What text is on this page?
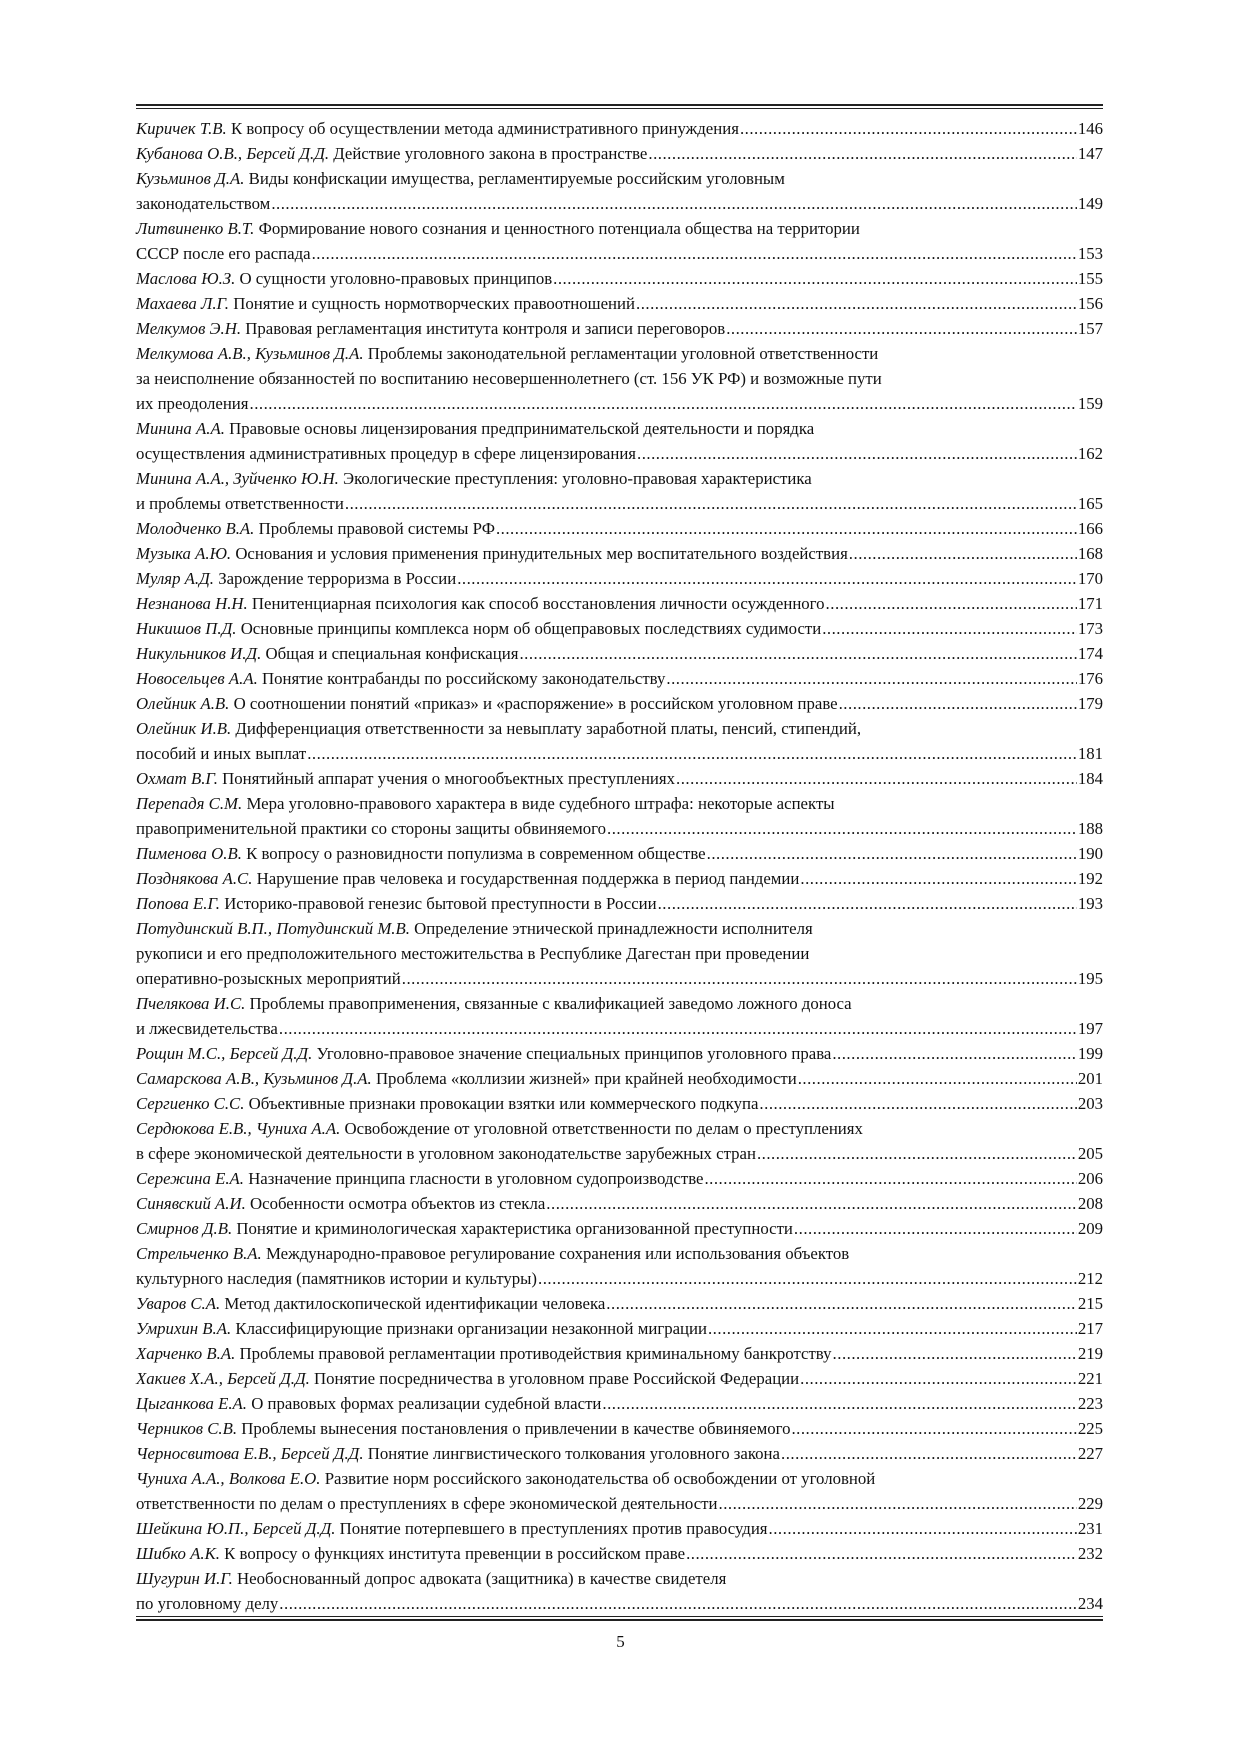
Киричек Т.В.
К вопросу об осуществлении метода административного принуждения .....	146
Кубанова О.В., Берсей Д.Д.
Действие уголовного закона в пространстве .....	147
Кузьминов Д.А.
Виды конфискации имущества, регламентируемые российским уголовным
законодательством .....	149
Литвиненко В.Т.
Формирование нового сознания и ценностного потенциала общества на территории
СССР после его распада .....	153
Маслова Ю.З.
О сущности уголовно-правовых принципов .....	155
Махаева Л.Г.
Понятие и сущность нормотворческих правоотношений .....	156
Мелкумов Э.Н.
Правовая регламентация института контроля и записи переговоров .....	157
Мелкумова А.В., Кузьминов Д.А.
Проблемы законодательной регламентации уголовной ответственности
за неисполнение обязанностей по воспитанию несовершеннолетнего (ст. 156 УК РФ) и возможные пути
их преодоления .....	159
Минина А.А.
Правовые основы лицензирования предпринимательской деятельности и порядка
осуществления административных процедур в сфере лицензирования .....	162
Минина А.А., Зуйченко Ю.Н.
Экологические преступления: уголовно-правовая характеристика
и проблемы ответственности .....	165
Молодченко В.А.
Проблемы правовой системы РФ .....	166
Музыка А.Ю.
Основания и условия применения принудительных мер воспитательного воздействия .....	168
Муляр А.Д.
Зарождение терроризма в России .....	170
Незнанова Н.Н.
Пенитенциарная психология как способ восстановления личности осужденного .....	171
Никишов П.Д.
Основные принципы комплекса норм об общеправовых последствиях судимости .....	173
Никульников И.Д.
Общая и специальная конфискация .....	174
Новосельцев А.А.
Понятие контрабанды по российскому законодательству .....	176
Олейник А.В.
О соотношении понятий «приказ» и «распоряжение» в российском уголовном праве .....	179
Олейник И.В.
Дифференциация ответственности за невыплату заработной платы, пенсий, стипендий,
пособий и иных выплат .....	181
Охмат В.Г.
Понятийный аппарат учения о многообъектных преступлениях .....	184
Перепадя С.М.
Мера уголовно-правового характера в виде судебного штрафа: некоторые аспекты
правоприменительной практики со стороны защиты обвиняемого .....	188
Пименова О.В.
К вопросу о разновидности популизма в современном обществе .....	190
Позднякова А.С.
Нарушение прав человека и государственная поддержка в период пандемии .....	192
Попова Е.Г.
Историко-правовой генезис бытовой преступности в России .....	193
Потудинский В.П., Потудинский М.В.
Определение этнической принадлежности исполнителя
рукописи и его предположительного местожительства в Республике Дагестан при проведении
оперативно-розыскных мероприятий .....	195
Пчелякова И.С.
Проблемы правоприменения, связанные с квалификацией заведомо ложного доноса
и лжесвидетельства .....	197
Рощин М.С., Берсей Д.Д.
Уголовно-правовое значение специальных принципов уголовного права .....	199
Самарскова А.В., Кузьминов Д.А.
Проблема «коллизии жизней» при крайней необходимости .....	201
Сергиенко С.С.
Объективные признаки провокации взятки или коммерческого подкупа .....	203
Сердюкова Е.В., Чуниха А.А.
Освобождение от уголовной ответственности по делам о преступлениях
в сфере экономической деятельности в уголовном законодательстве зарубежных стран .....	205
Сережина Е.А.
Назначение принципа гласности в уголовном судопроизводстве .....	206
Синявский А.И.
Особенности осмотра объектов из стекла .....	208
Смирнов Д.В.
Понятие и криминологическая характеристика организованной преступности .....	209
Стрельченко В.А.
Международно-правовое регулирование сохранения или использования объектов
культурного наследия (памятников истории и культуры) .....	212
Уваров С.А.
Метод дактилоскопической идентификации человека .....	215
Умрихин В.А.
Классифицирующие признаки организации незаконной миграции .....	217
Харченко В.А.
Проблемы правовой регламентации противодействия криминальному банкротству .....	219
Хакиев Х.А., Берсей Д.Д.
Понятие посредничества в уголовном праве Российской Федерации .....	221
Цыганкова Е.А.
О правовых формах реализации судебной власти .....	223
Черников С.В.
Проблемы вынесения постановления о привлечении в качестве обвиняемого .....	225
Черносвитова Е.В., Берсей Д.Д.
Понятие лингвистического толкования уголовного закона .....	227
Чуниха А.А., Волкова Е.О.
Развитие норм российского законодательства об освобождении от уголовной
ответственности по делам о преступлениях в сфере экономической деятельности .....	229
Шейкина Ю.П., Берсей Д.Д.
Понятие потерпевшего в преступлениях против правосудия .....	231
Шибко А.К.
К вопросу о функциях института превенции в российском праве .....	232
Шугурин И.Г.
Необоснованный допрос адвоката (защитника) в качестве свидетеля
по уголовному делу .....	234
5
